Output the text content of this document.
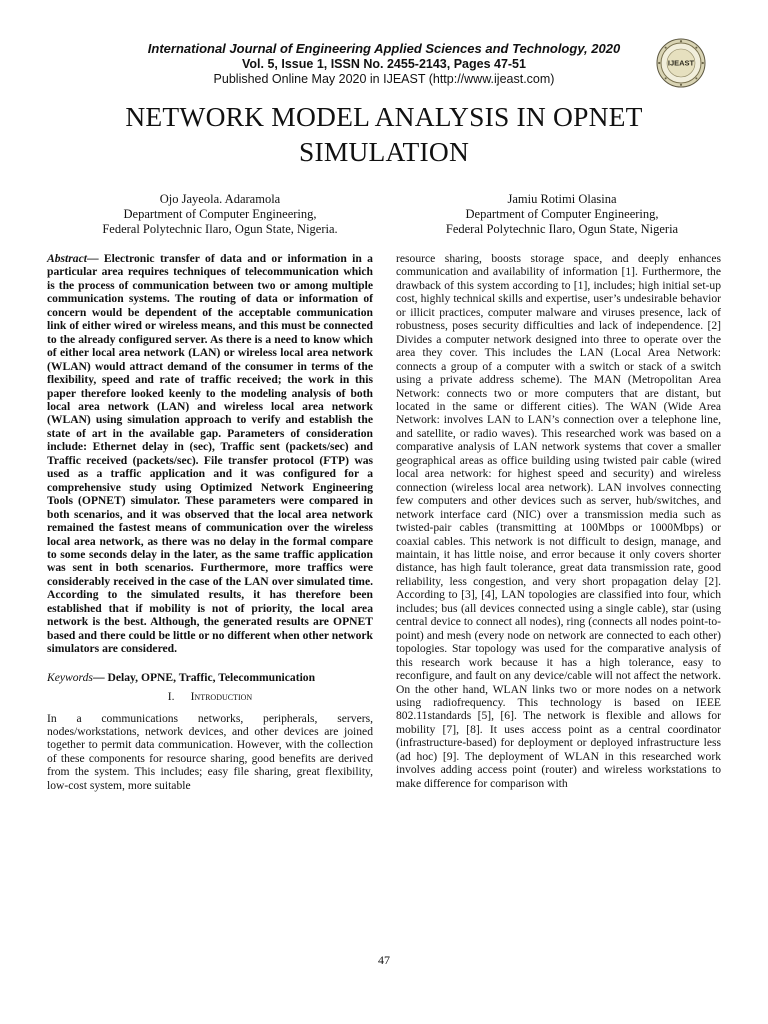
International Journal of Engineering Applied Sciences and Technology, 2020
Vol. 5, Issue 1, ISSN No. 2455-2143, Pages 47-51
Published Online May 2020 in IJEAST (http://www.ijeast.com)
IJEAST
NETWORK MODEL ANALYSIS IN OPNET SIMULATION
Ojo Jayeola. Adaramola
Department of Computer Engineering,
Federal Polytechnic Ilaro, Ogun State, Nigeria.
Jamiu Rotimi Olasina
Department of Computer Engineering,
Federal Polytechnic Ilaro, Ogun State, Nigeria

Abstract— Electronic transfer of data and or information in a particular area requires techniques of telecommunication which is the process of communication between two or among multiple communication systems. The routing of data or information of concern would be dependent of the acceptable communication link of either wired or wireless means, and this must be connected to the already configured server. As there is a need to know which of either local area network (LAN) or wireless local area network (WLAN) would attract demand of the consumer in terms of the flexibility, speed and rate of traffic received; the work in this paper therefore looked keenly to the modeling analysis of both local area network (LAN) and wireless local area network (WLAN) using simulation approach to verify and establish the state of art in the available gap. Parameters of consideration include: Ethernet delay in (sec), Traffic sent (packets/sec) and Traffic received (packets/sec). File transfer protocol (FTP) was used as a traffic application and it was configured for a comprehensive study using Optimized Network Engineering Tools (OPNET) simulator. These parameters were compared in both scenarios, and it was observed that the local area network remained the fastest means of communication over the wireless local area network, as there was no delay in the formal compare to some seconds delay in the later, as the same traffic application was sent in both scenarios. Furthermore, more traffics were considerably received in the case of the LAN over simulated time. According to the simulated results, it has therefore been established that if mobility is not of priority, the local area network is the best. Although, the generated results are OPNET based and there could be little or no different when other network simulators are considered.

Keywords— Delay, OPNE, Traffic, Telecommunication

I. Introduction

In a communications networks, peripherals, servers, nodes/workstations, network devices, and other devices are joined together to permit data communication. However, with the collection of these components for resource sharing, good benefits are derived from the system. This includes; easy file sharing, great flexibility, low-cost system, more suitable

resource sharing, boosts storage space, and deeply enhances communication and availability of information [1]. Furthermore, the drawback of this system according to [1], includes; high initial set-up cost, highly technical skills and expertise, user’s undesirable behavior or illicit practices, computer malware and viruses presence, lack of robustness, poses security difficulties and lack of independence. [2] Divides a computer network designed into three to operate over the area they cover. This includes the LAN (Local Area Network: connects a group of a computer with a switch or stack of a switch using a private address scheme). The MAN (Metropolitan Area Network: connects two or more computers that are distant, but located in the same or different cities). The WAN (Wide Area Network: involves LAN to LAN’s connection over a telephone line, and satellite, or radio waves). This researched work was based on a comparative analysis of LAN network systems that cover a smaller geographical areas as office building using twisted pair cable (wired local area network: for highest speed and security) and wireless connection (wireless local area network). LAN involves connecting few computers and other devices such as server, hub/switches, and network interface card (NIC) over a transmission media such as twisted-pair cables (transmitting at 100Mbps or 1000Mbps) or coaxial cables. This network is not difficult to design, manage, and maintain, it has little noise, and error because it only covers shorter distance, has high fault tolerance, great data transmission rate, good reliability, less congestion, and very short propagation delay [2]. According to [3], [4], LAN topologies are classified into four, which includes; bus (all devices connected using a single cable), star (using central device to connect all nodes), ring (connects all nodes point-to-point) and mesh (every node on network are connected to each other) topologies. Star topology was used for the comparative analysis of this research work because it has a high tolerance, easy to reconfigure, and fault on any device/cable will not affect the network. On the other hand, WLAN links two or more nodes on a network using radiofrequency. This technology is based on IEEE 802.11standards [5], [6]. The network is flexible and allows for mobility [7], [8]. It uses access point as a central coordinator (infrastructure-based) for deployment or deployed infrastructure less (ad hoc) [9]. The deployment of WLAN in this researched work involves adding access point (router) and wireless workstations to make difference for comparison with

47
